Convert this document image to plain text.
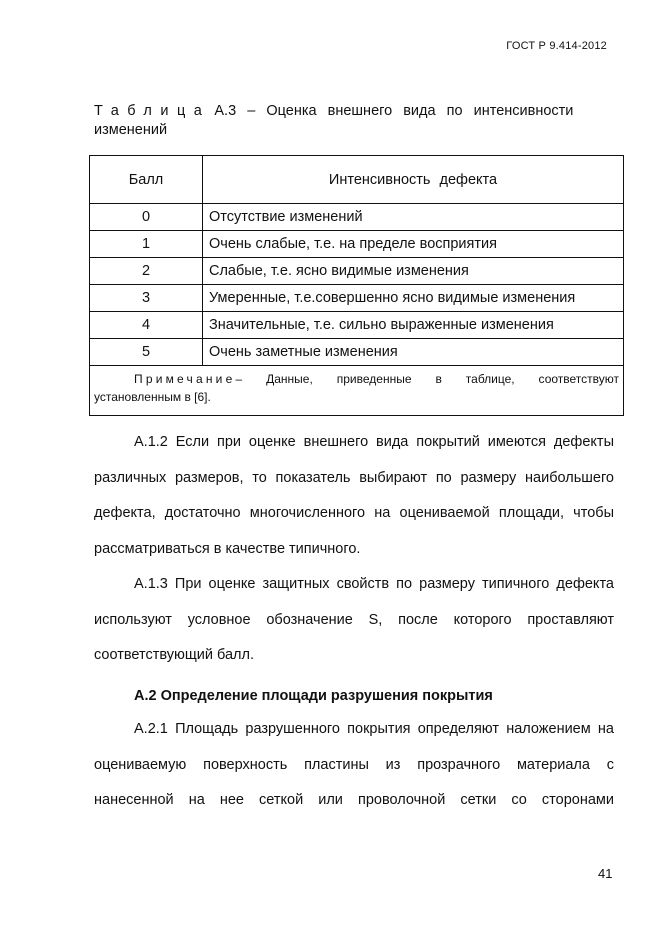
ГОСТ Р 9.414-2012
Таблица А.3 – Оценка внешнего вида по интенсивности
изменений
Балл	Интенсивность дефекта
0	Отсутствие изменений
1	Очень слабые, т.е. на пределе восприятия
2	Слабые, т.е. ясно видимые изменения
3	Умеренные, т.е.совершенно ясно видимые изменения
4	Значительные, т.е. сильно выраженные изменения
5	Очень заметные изменения

Примечание– Данные, приведенные в таблице, соответствуют
установленным в [6].	

А.1.2 Если при оценке внешнего вида покрытий имеются дефекты различных размеров, то показатель выбирают по размеру наибольшего дефекта, достаточно многочисленного на оцениваемой площади, чтобы рассматриваться в качестве типичного.

А.1.3 При оценке защитных свойств по размеру типичного дефекта используют условное обозначение S, после которого проставляют соответствующий балл.

А.2 Определение площади разрушения покрытия

А.2.1 Площадь разрушенного покрытия определяют наложением на оцениваемую поверхность пластины из прозрачного материала с нанесенной на нее сеткой или проволочной сетки со сторонами

41
